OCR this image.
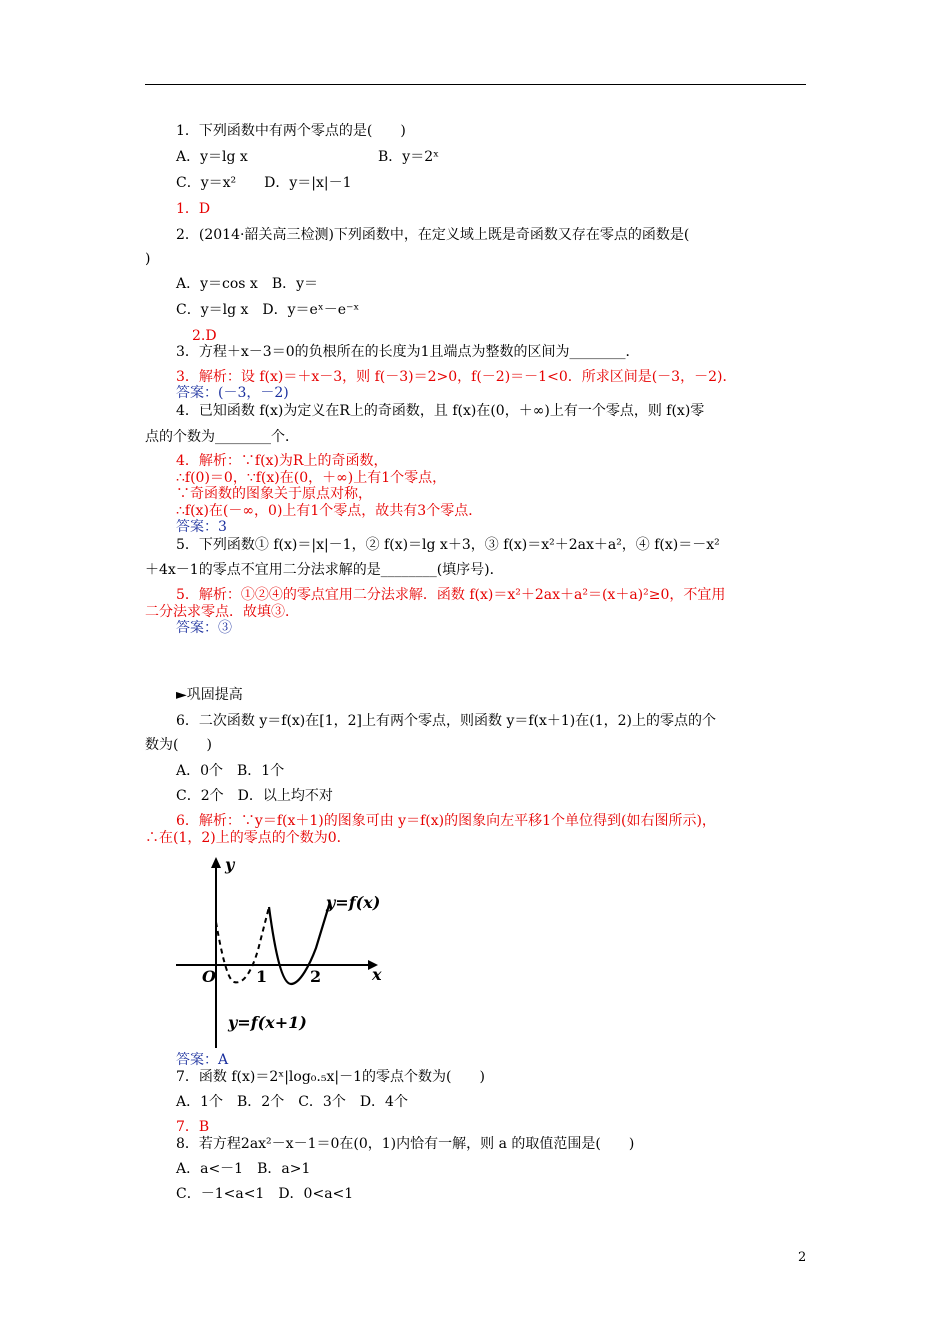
1．下列函数中有两个零点的是(　　)
A．y＝lg x	B．y＝2ˣ
C．y＝x²　　D．y＝|x|－1
1．D
2．(2014·韶关高三检测)下列函数中，在定义域上既是奇函数又存在零点的函数是(
)
A．y＝cos x　B．y＝
C．y＝lg x　D．y＝eˣ－e⁻ˣ
2.D
3．方程＋x－3＝0的负根所在的长度为1且端点为整数的区间为________．
3．解析：设 f(x)＝＋x－3，则 f(－3)＝2>0，f(－2)＝－1<0．所求区间是(－3，－2)．
答案：(－3，－2)
4．已知函数 f(x)为定义在R上的奇函数，且 f(x)在(0，＋∞)上有一个零点，则 f(x)零
点的个数为________个．
4．解析：∵f(x)为R上的奇函数，
∴f(0)＝0，∵f(x)在(0，＋∞)上有1个零点，
∵奇函数的图象关于原点对称，
∴f(x)在(－∞，0)上有1个零点，故共有3个零点．
答案：3
5．下列函数① f(x)＝|x|－1，② f(x)＝lg x＋3，③ f(x)＝x²＋2ax＋a²，④ f(x)＝－x²
＋4x－1的零点不宜用二分法求解的是________(填序号)．
5．解析：①②④的零点宜用二分法求解．函数 f(x)＝x²＋2ax＋a²＝(x＋a)²≥0，不宜用
二分法求零点．故填③．
答案：③
►巩固提高
6．二次函数 y＝f(x)在[1，2]上有两个零点，则函数 y＝f(x＋1)在(1，2)上的零点的个
数为(　　)
A．0个　B．1个
C．2个　D．以上均不对
6．解析：∵y＝f(x＋1)的图象可由 y＝f(x)的图象向左平移1个单位得到(如右图所示)，
∴在(1，2)上的零点的个数为0．
答案：A
7．函数 f(x)＝2ˣ|log₀.₅x|－1的零点个数为(　　)
A．1个　B．2个　C．3个　D．4个
7．B
8．若方程2ax²－x－1＝0在(0，1)内恰有一解，则 a 的取值范围是(　　)
A．a<－1　B．a>1
C．－1<a<1　D．0<a<1
y
x
O	1	2
y=f(x)
y=f(x+1)
2
